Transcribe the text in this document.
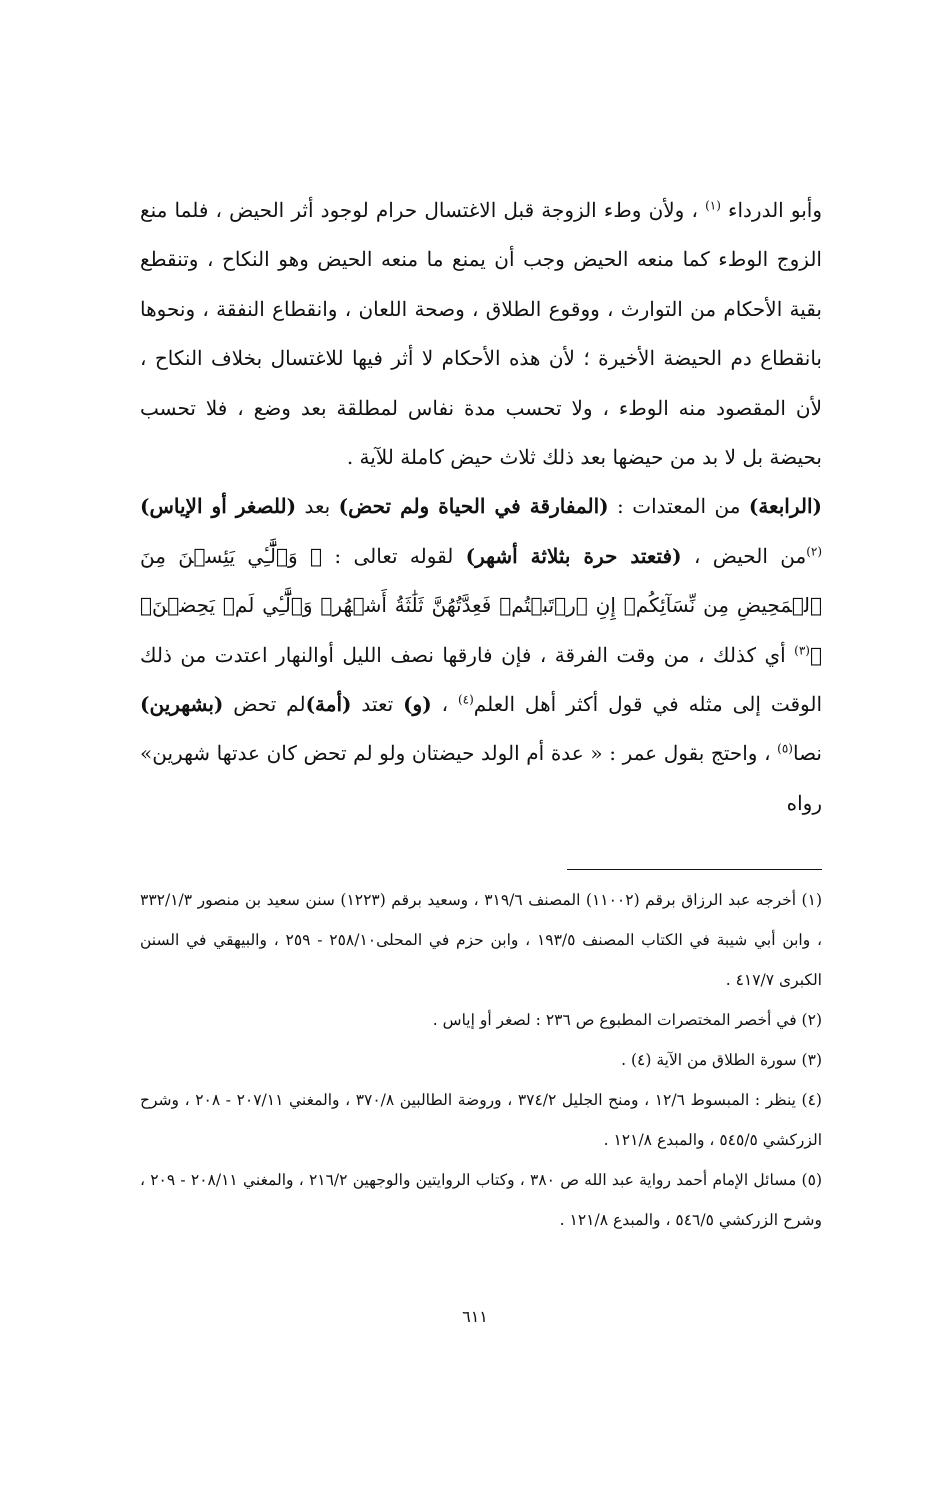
وأبو الدرداء $^{(١)}$ ، ولأن وطء الزوجة قبل الاغتسال حرام لوجود أثر الحيض ، فلما منع الزوج الوطء كما منعه الحيض وجب أن يمنع ما منعه الحيض وهو النكاح ، وتنقطع بقية الأحكام من التوارث ، ووقوع الطلاق ، وصحة اللعان ، وانقطاع النفقة ، ونحوها بانقطاع دم الحيضة الأخيرة ؛ لأن هذه الأحكام لا أثر فيها للاغتسال بخلاف النكاح ، لأن المقصود منه الوطء ، ولا تحسب مدة نفاس لمطلقة بعد وضع ، فلا تحسب بحيضة بل لا بد من حيضها بعد ذلك ثلاث حيض كاملة للآية .

(الرابعة) من المعتدات : (المفارقة في الحياة ولم تحض) بعد (للصغر أو الإياس)$^{(٢)}$من الحيض ، (فتعتد حرة بثلاثة أشهر) لقوله تعالى : ﴿ وَٱلَّٰٓـِٔي يَئِسۡنَ مِنَ ٱلۡمَحِيضِ مِن نِّسَآئِكُمۡ إِنِ ٱرۡتَبۡتُمۡ فَعِدَّتُهُنَّ ثَلَٰثَةُ أَشۡهُرٖ وَٱلَّٰٓـِٔي لَمۡ يَحِضۡنَۚ ﴾$^{(٣)}$ أي كذلك ، من وقت الفرقة ، فإن فارقها نصف الليل أوالنهار اعتدت من ذلك الوقت إلى مثله في قول أكثر أهل العلم$^{(٤)}$ ، (و) تعتد (أمة)لم تحض (بشهرين) نصا$^{(٥)}$ ، واحتج بقول عمر : « عدة أم الولد حيضتان ولو لم تحض كان عدتها شهرين» رواه

(١) أخرجه عبد الرزاق برقم (١١٠٠٢) المصنف ٣١٩/٦ ، وسعيد برقم (١٢٢٣) سنن سعيد بن منصور ٣٣٢/١/٣ ، وابن أبي شيبة في الكتاب المصنف ١٩٣/٥ ، وابن حزم في المحلى٢٥٨/١٠ - ٢٥٩ ، والبيهقي في السنن الكبرى ٤١٧/٧ .

(٢) في أخصر المختصرات المطبوع ص ٢٣٦ : لصغر أو إياس .

(٣) سورة الطلاق من الآية (٤) .

(٤) ينظر : المبسوط ١٢/٦ ، ومنح الجليل ٣٧٤/٢ ، وروضة الطالبين ٣٧٠/٨ ، والمغني ٢٠٧/١١ - ٢٠٨ ، وشرح الزركشي ٥٤٥/٥ ، والمبدع ١٢١/٨ .

(٥) مسائل الإمام أحمد رواية عبد الله ص ٣٨٠ ، وكتاب الروايتين والوجهين ٢١٦/٢ ، والمغني ٢٠٨/١١ - ٢٠٩ ، وشرح الزركشي ٥٤٦/٥ ، والمبدع ١٢١/٨ .

٦١١
